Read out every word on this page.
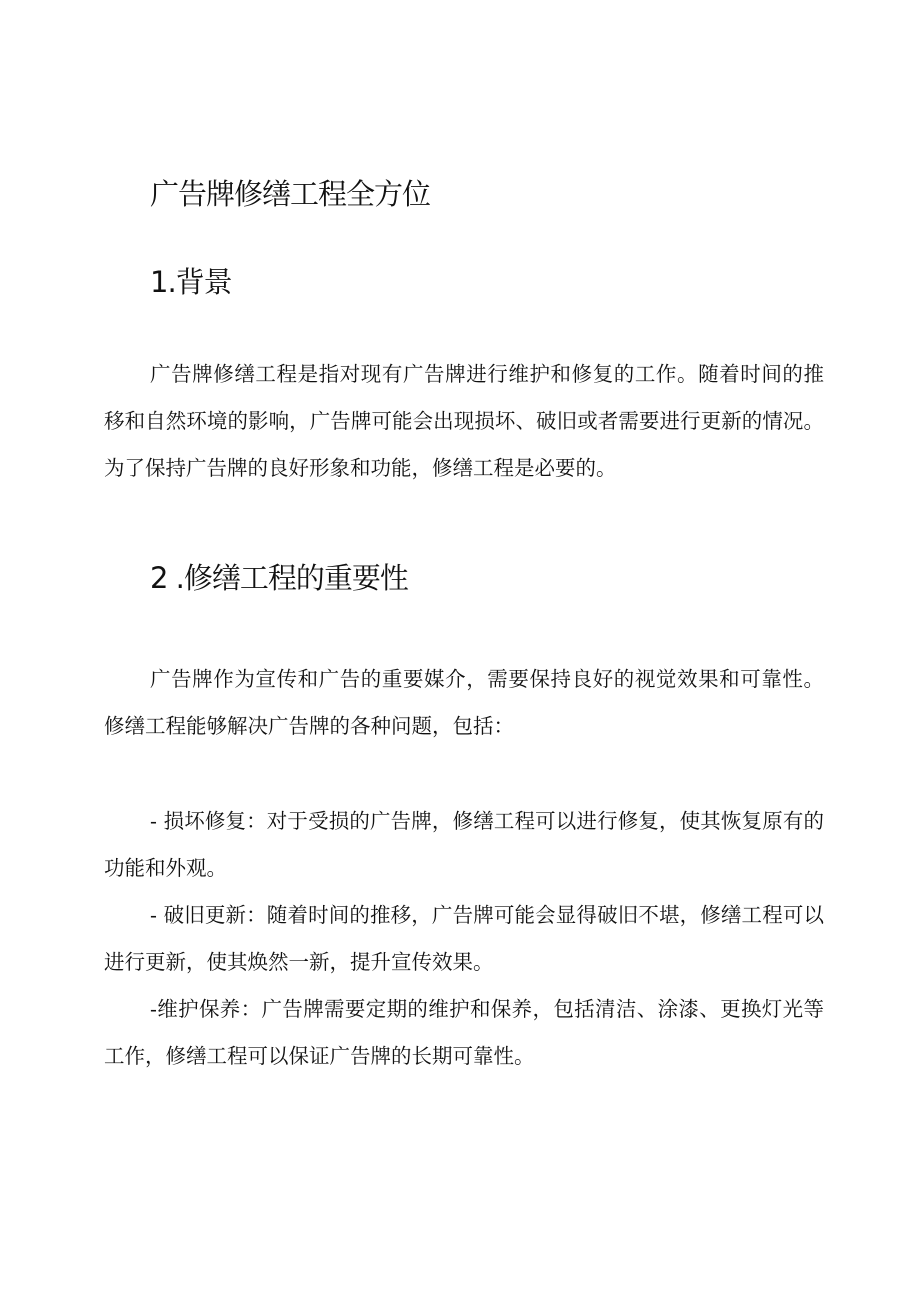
广告牌修缮工程全方位
1.背景

广告牌修缮工程是指对现有广告牌进行维护和修复的工作。随着时间的推移和自然环境的影响，广告牌可能会出现损坏、破旧或者需要进行更新的情况。为了保持广告牌的良好形象和功能，修缮工程是必要的。

2 .修缮工程的重要性

广告牌作为宣传和广告的重要媒介，需要保持良好的视觉效果和可靠性。修缮工程能够解决广告牌的各种问题，包括：

- 损坏修复：对于受损的广告牌，修缮工程可以进行修复，使其恢复原有的功能和外观。
- 破旧更新：随着时间的推移，广告牌可能会显得破旧不堪，修缮工程可以进行更新，使其焕然一新，提升宣传效果。
-维护保养：广告牌需要定期的维护和保养，包括清洁、涂漆、更换灯光等工作，修缮工程可以保证广告牌的长期可靠性。
